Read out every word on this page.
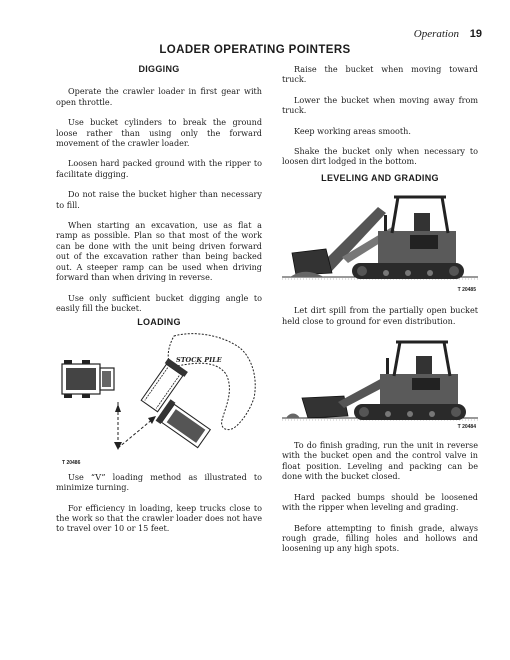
Operation 19
LOADER OPERATING POINTERS
DIGGING

Operate the crawler loader in first gear with open throttle.

Use bucket cylinders to break the ground loose rather than using only the forward movement of the crawler loader.

Loosen hard packed ground with the ripper to facilitate digging.

Do not raise the bucket higher than necessary to fill.

When starting an excavation, use as flat a ramp as possible. Plan so that most of the work can be done with the unit being driven forward out of the excavation rather than being backed out. A steeper ramp can be used when driving forward than when driving in reverse.

Use only sufficient bucket digging angle to easily fill the bucket.

LOADING
STOCK PILE
T 20486

Use “V” loading method as illustrated to minimize turning.

For efficiency in loading, keep trucks close to the work so that the crawler loader does not have to travel over 10 or 15 feet.

Raise the bucket when moving toward truck.

Lower the bucket when moving away from truck.

Keep working areas smooth.

Shake the bucket only when necessary to loosen dirt lodged in the bottom.

LEVELING AND GRADING
T 20485

Let dirt spill from the partially open bucket held close to ground for even distribution.

T 20484

To do finish grading, run the unit in reverse with the bucket open and the control valve in float position. Leveling and packing can be done with the bucket closed.

Hard packed bumps should be loosened with the ripper when leveling and grading.

Before attempting to finish grade, always rough grade, filling holes and hollows and loosening up any high spots.
